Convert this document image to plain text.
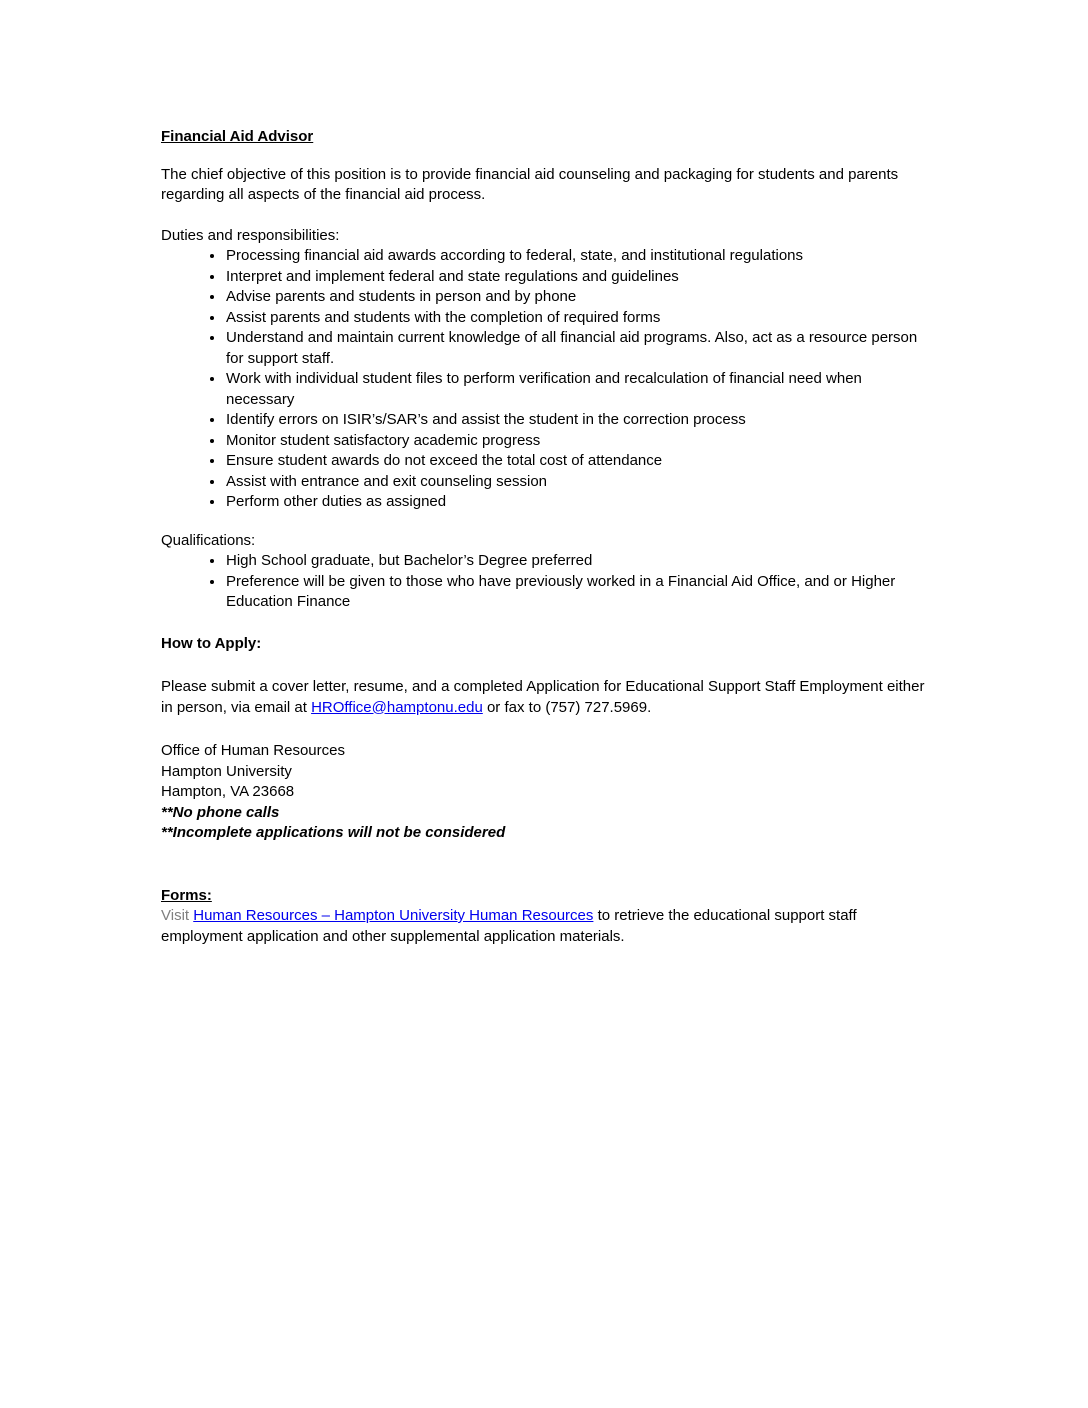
Financial Aid Advisor

The chief objective of this position is to provide financial aid counseling and packaging for students and parents regarding all aspects of the financial aid process.

Duties and responsibilities:

• Processing financial aid awards according to federal, state, and institutional regulations
• Interpret and implement federal and state regulations and guidelines
• Advise parents and students in person and by phone
• Assist parents and students with the completion of required forms
• Understand and maintain current knowledge of all financial aid programs. Also, act as a resource person for support staff.
• Work with individual student files to perform verification and recalculation of financial need when necessary
• Identify errors on ISIR’s/SAR’s and assist the student in the correction process
• Monitor student satisfactory academic progress
• Ensure student awards do not exceed the total cost of attendance
• Assist with entrance and exit counseling session
• Perform other duties as assigned

Qualifications:

• High School graduate, but Bachelor’s Degree preferred
• Preference will be given to those who have previously worked in a Financial Aid Office, and or Higher Education Finance

How to Apply:

Please submit a cover letter, resume, and a completed Application for Educational Support Staff Employment either in person, via email at HROffice@hamptonu.edu or fax to (757) 727.5969.

Office of Human Resources

Hampton University

Hampton, VA 23668

**No phone calls

**Incomplete applications will not be considered

Forms:

Visit Human Resources – Hampton University Human Resources to retrieve the educational support staff employment application and other supplemental application materials.
